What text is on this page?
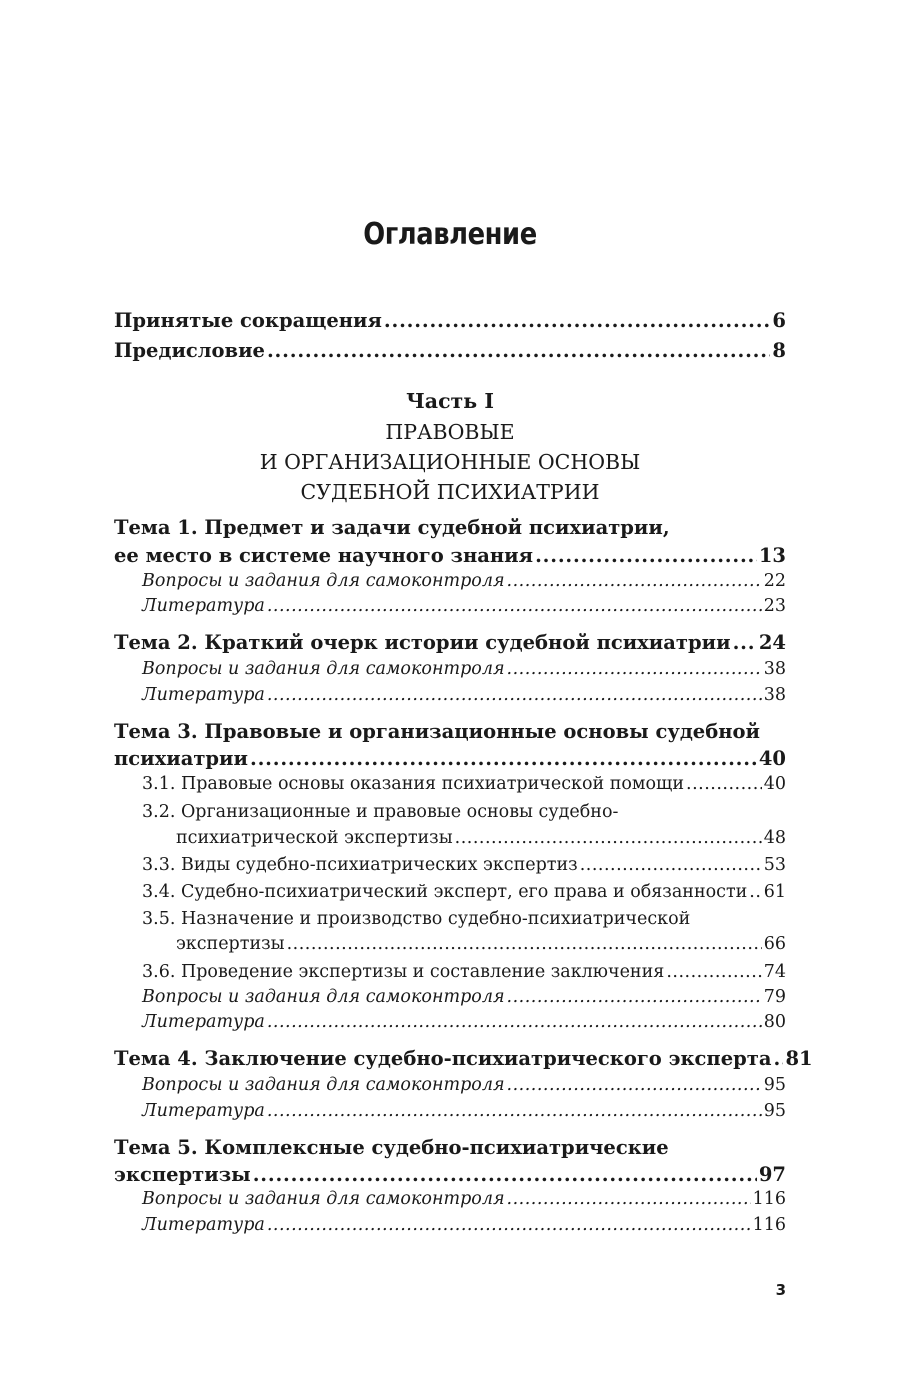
Оглавление
Принятые сокращения .....	6
Предисловие .....	8
Часть I
ПРАВОВЫЕ
И ОРГАНИЗАЦИОННЫЕ ОСНОВЫ
СУДЕБНОЙ ПСИХИАТРИИ
Тема 1. Предмет и задачи судебной психиатрии,
ее место в системе научного знания .....	13
Вопросы и задания для самоконтроля .....	22
Литература .....	23
Тема 2. Краткий очерк истории судебной психиатрии ..... 24
Вопросы и задания для самоконтроля .....	38
Литература .....	38
Тема 3. Правовые и организационные основы судебной
психиатрии .....	40
3.1. Правовые основы оказания психиатрической помощи .....	40
3.2. Организационные и правовые основы судебно-
психиатрической экспертизы .....	48
3.3. Виды судебно-психиатрических экспертиз .....	53
3.4. Судебно-психиатрический эксперт, его права и обязанности ..... 61
3.5. Назначение и производство судебно-психиатрической
экспертизы .....	66
3.6. Проведение экспертизы и составление заключения .....	74
Вопросы и задания для самоконтроля .....	79
Литература .....	80
Тема 4. Заключение судебно-психиатрического эксперта ..... 81
Вопросы и задания для самоконтроля .....	95
Литература .....	95
Тема 5. Комплексные судебно-психиатрические
экспертизы .....	97
Вопросы и задания для самоконтроля .....	116
Литература .....	116
3
